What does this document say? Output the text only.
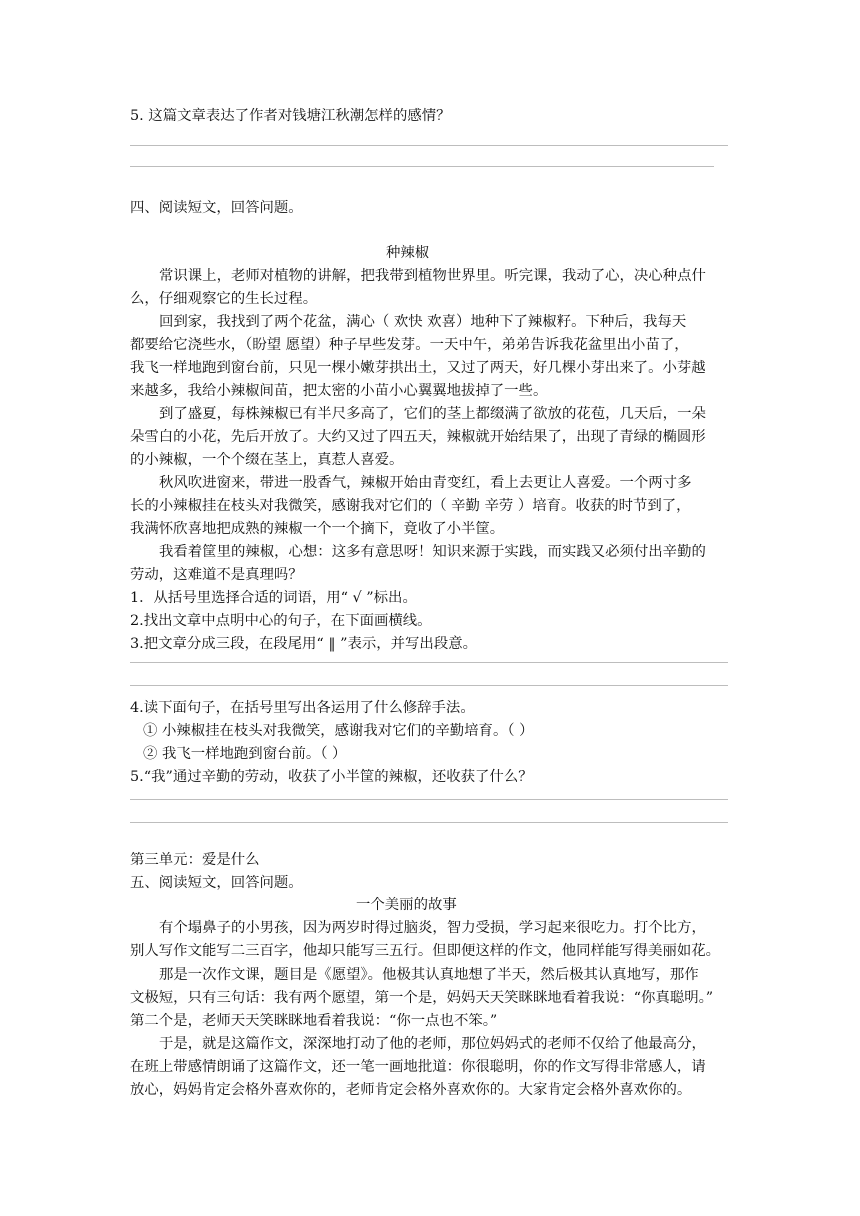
5. 这篇文章表达了作者对钱塘江秋潮怎样的感情？
四、阅读短文，回答问题。
种辣椒
常识课上，老师对植物的讲解，把我带到植物世界里。听完课，我动了心，决心种点什
么，仔细观察它的生长过程。
回到家，我找到了两个花盆，满心（ 欢快 欢喜）地种下了辣椒籽。下种后，我每天
都要给它浇些水，（盼望 愿望）种子早些发芽。一天中午，弟弟告诉我花盆里出小苗了，
我飞一样地跑到窗台前，只见一棵小嫩芽拱出土，又过了两天，好几棵小芽出来了。小芽越
来越多，我给小辣椒间苗，把太密的小苗小心翼翼地拔掉了一些。
到了盛夏，每株辣椒已有半尺多高了，它们的茎上都缀满了欲放的花苞，几天后，一朵
朵雪白的小花，先后开放了。大约又过了四五天，辣椒就开始结果了，出现了青绿的椭圆形
的小辣椒，一个个缀在茎上，真惹人喜爱。
秋风吹进窗来，带进一股香气，辣椒开始由青变红，看上去更让人喜爱。一个两寸多
长的小辣椒挂在枝头对我微笑，感谢我对它们的（ 辛勤 辛劳 ）培育。收获的时节到了，
我满怀欣喜地把成熟的辣椒一个一个摘下，竟收了小半筐。
我看着筐里的辣椒，心想：这多有意思呀！知识来源于实践，而实践又必须付出辛勤的
劳动，这难道不是真理吗？
1．从括号里选择合适的词语，用“ √ ”标出。
2.找出文章中点明中心的句子，在下面画横线。
3.把文章分成三段，在段尾用“ ‖ ”表示，并写出段意。
4.读下面句子，在括号里写出各运用了什么修辞手法。
① 小辣椒挂在枝头对我微笑，感谢我对它们的辛勤培育。（ ）
② 我飞一样地跑到窗台前。（ ）
5.“我”通过辛勤的劳动，收获了小半筐的辣椒，还收获了什么？
第三单元：爱是什么
五、阅读短文，回答问题。
一个美丽的故事
有个塌鼻子的小男孩，因为两岁时得过脑炎，智力受损，学习起来很吃力。打个比方，
别人写作文能写二三百字，他却只能写三五行。但即便这样的作文，他同样能写得美丽如花。
那是一次作文课，题目是《愿望》。他极其认真地想了半天，然后极其认真地写，那作
文极短，只有三句话：我有两个愿望，第一个是，妈妈天天笑眯眯地看着我说：“你真聪明。”
第二个是，老师天天笑眯眯地看着我说：“你一点也不笨。”
于是，就是这篇作文，深深地打动了他的老师，那位妈妈式的老师不仅给了他最高分，
在班上带感情朗诵了这篇作文，还一笔一画地批道：你很聪明，你的作文写得非常感人，请
放心，妈妈肯定会格外喜欢你的，老师肯定会格外喜欢你的。大家肯定会格外喜欢你的。
